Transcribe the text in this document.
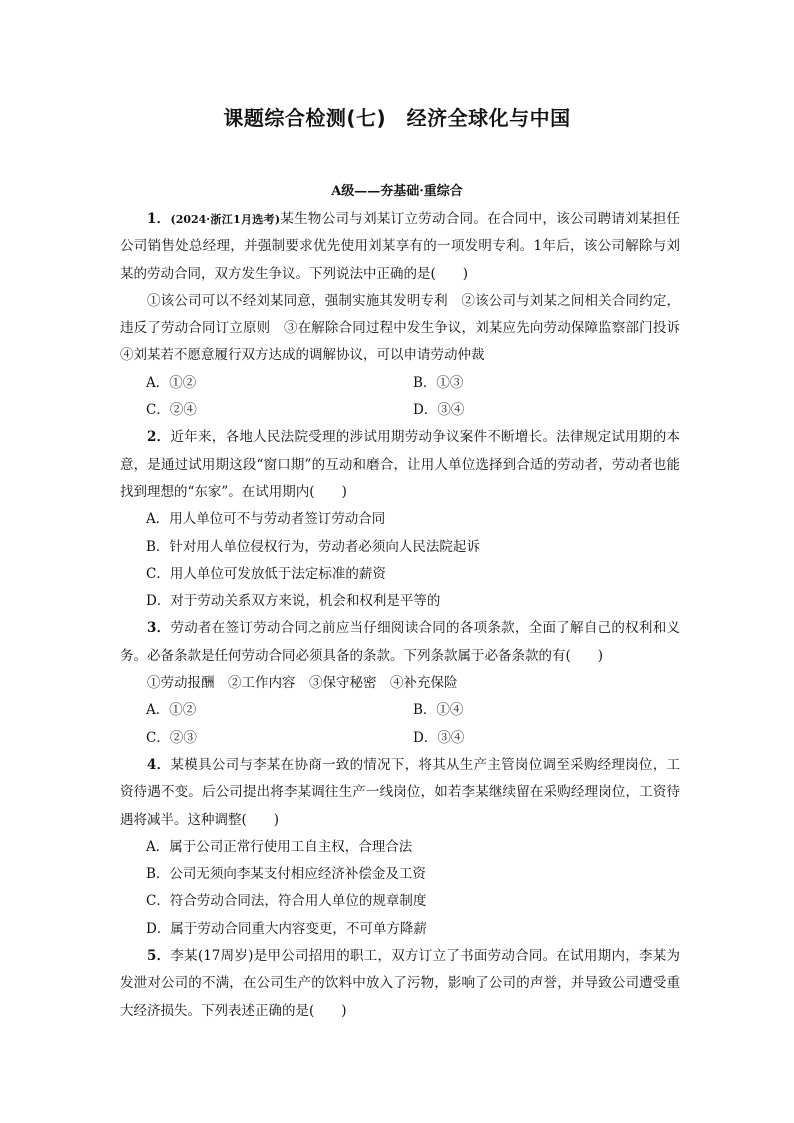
课题综合检测(七)　经济全球化与中国
A级——夯基础·重综合

1．(2024·浙江1月选考)某生物公司与刘某订立劳动合同。在合同中，该公司聘请刘某担任公司销售处总经理，并强制要求优先使用刘某享有的一项发明专利。1年后，该公司解除与刘某的劳动合同，双方发生争议。下列说法中正确的是(　　)

①该公司可以不经刘某同意，强制实施其发明专利　②该公司与刘某之间相关合同约定，违反了劳动合同订立原则　③在解除合同过程中发生争议，刘某应先向劳动保障监察部门投诉　④刘某若不愿意履行双方达成的调解协议，可以申请劳动仲裁

A．①②	B．①③
C．②④	D．③④

2．近年来，各地人民法院受理的涉试用期劳动争议案件不断增长。法律规定试用期的本意，是通过试用期这段“窗口期”的互动和磨合，让用人单位选择到合适的劳动者，劳动者也能找到理想的“东家”。在试用期内(　　)

A．用人单位可不与劳动者签订劳动合同

B．针对用人单位侵权行为，劳动者必须向人民法院起诉

C．用人单位可发放低于法定标准的薪资

D．对于劳动关系双方来说，机会和权利是平等的

3．劳动者在签订劳动合同之前应当仔细阅读合同的各项条款，全面了解自己的权利和义务。必备条款是任何劳动合同必须具备的条款。下列条款属于必备条款的有(　　)

①劳动报酬　②工作内容　③保守秘密　④补充保险

A．①②	B．①④
C．②③	D．③④

4．某模具公司与李某在协商一致的情况下，将其从生产主管岗位调至采购经理岗位，工资待遇不变。后公司提出将李某调往生产一线岗位，如若李某继续留在采购经理岗位，工资待遇将减半。这种调整(　　)

A．属于公司正常行使用工自主权，合理合法

B．公司无须向李某支付相应经济补偿金及工资

C．符合劳动合同法，符合用人单位的规章制度

D．属于劳动合同重大内容变更，不可单方降薪

5．李某(17周岁)是甲公司招用的职工，双方订立了书面劳动合同。在试用期内，李某为发泄对公司的不满，在公司生产的饮料中放入了污物，影响了公司的声誉，并导致公司遭受重大经济损失。下列表述正确的是(　　)
